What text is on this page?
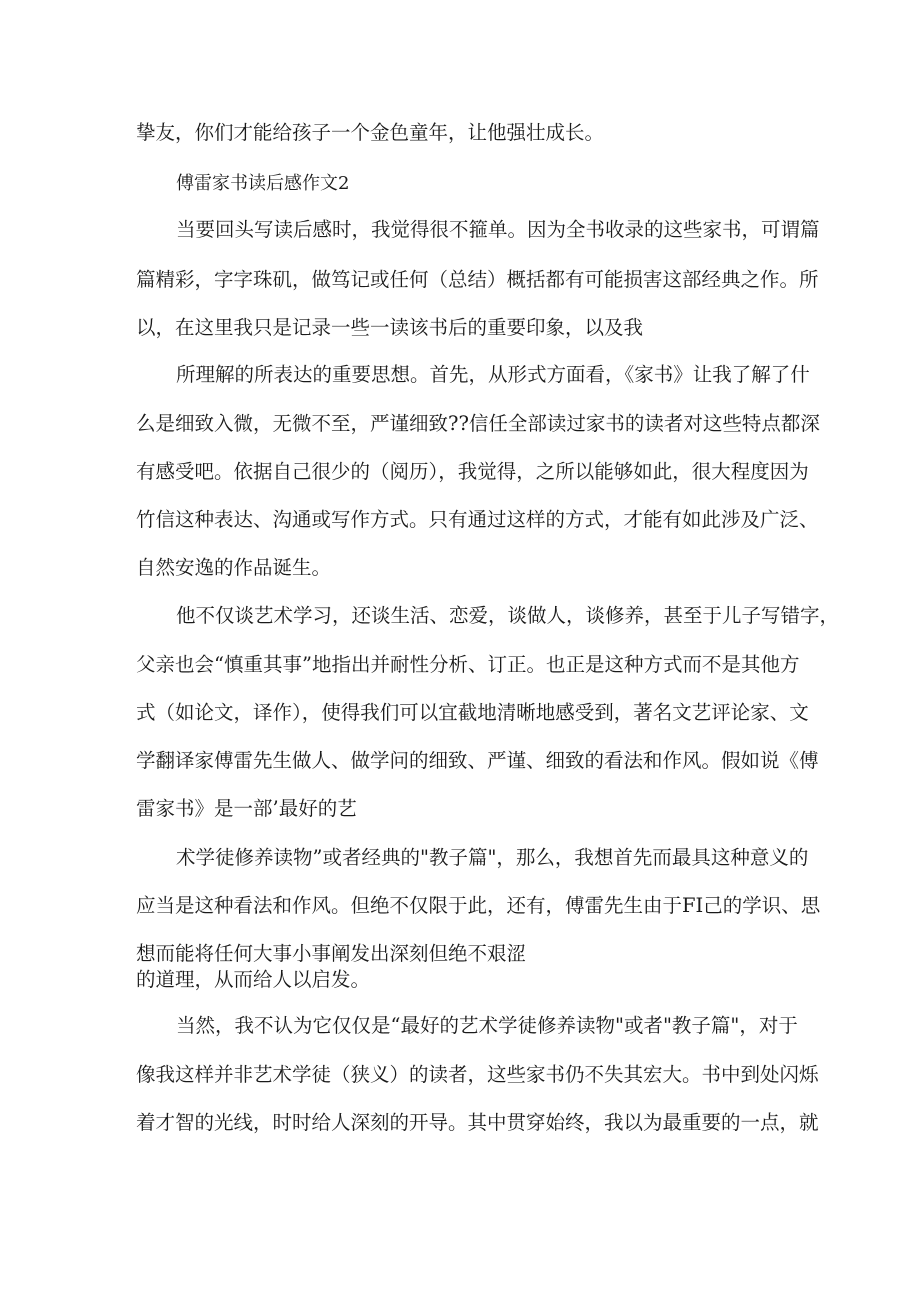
挚友，你们才能给孩子一个金色童年，让他强壮成长。

傅雷家书读后感作文2

当要回头写读后感时，我觉得很不箍单。因为全书收录的这些家书，可谓篇

篇精彩，字字珠矶，做笃记或任何（总结）概括都有可能损害这部经典之作。所

以，在这里我只是记录一些一读该书后的重要印象，以及我

所理解的所表达的重要思想。首先，从形式方面看，《家书》让我了解了什

么是细致入微，无微不至，严谨细致??信任全部读过家书的读者对这些特点都深

有感受吧。依据自己很少的（阅历），我觉得，之所以能够如此，很大程度因为

竹信这种表达、沟通或写作方式。只有通过这样的方式，才能有如此涉及广泛、

自然安逸的作品诞生。

他不仅谈艺术学习，还谈生活、恋爱，谈做人，谈修养，甚至于儿子写错字，

父亲也会“慎重其事”地指出并耐性分析、订正。也正是这种方式而不是其他方

式（如论文，译作），使得我们可以宜截地清晰地感受到，著名文艺评论家、文

学翻译家傅雷先生做人、做学问的细致、严谨、细致的看法和作风。假如说《傅

雷家书》是一部’最好的艺

术学徒修养读物”或者经典的"教子篇"，那么，我想首先而最具这种意义的

应当是这种看法和作风。但绝不仅限于此，还有，傅雷先生由于FI己的学识、思

想而能将任何大事小事阐发出深刻但绝不艰涩

的道理，从而给人以启发。

当然，我不认为它仅仅是“最好的艺术学徒修养读物"或者"教子篇"，对于

像我这样并非艺术学徒（狭义）的读者，这些家书仍不失其宏大。书中到处闪烁

着才智的光线，时时给人深刻的开导。其中贯穿始终，我以为最重要的一点，就
